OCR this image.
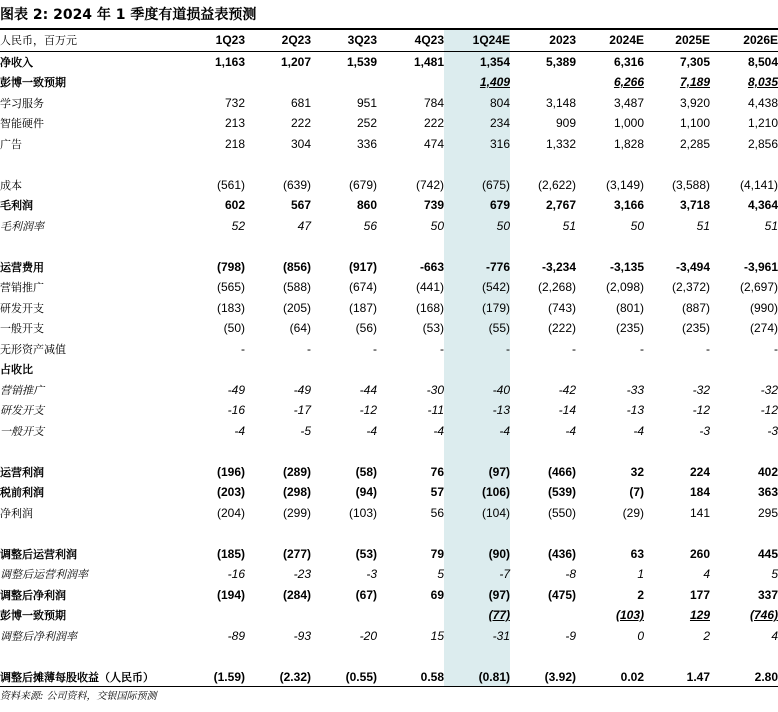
图表 2: 2024 年 1 季度有道损益表预测
人民币，百万元	1Q23	2Q23	3Q23	4Q23	1Q24E	2023	2024E	2025E	2026E
净收入	1,163	1,207	1,539	1,481	1,354	5,389	6,316	7,305	8,504
彭博一致预期					1,409		6,266	7,189	8,035
学习服务	732	681	951	784	804	3,148	3,487	3,920	4,438
智能硬件	213	222	252	222	234	909	1,000	1,100	1,210
广告	218	304	336	474	316	1,332	1,828	2,285	2,856

成本	(561)	(639)	(679)	(742)	(675)	(2,622)	(3,149)	(3,588)	(4,141)
毛利润	602	567	860	739	679	2,767	3,166	3,718	4,364
毛利润率	52	47	56	50	50	51	50	51	51

运营费用	(798)	(856)	(917)	-663	-776	-3,234	-3,135	-3,494	-3,961
营销推广	(565)	(588)	(674)	(441)	(542)	(2,268)	(2,098)	(2,372)	(2,697)
研发开支	(183)	(205)	(187)	(168)	(179)	(743)	(801)	(887)	(990)
一般开支	(50)	(64)	(56)	(53)	(55)	(222)	(235)	(235)	(274)
无形资产减值	-	-	-	-	-	-	-	-	-
占收比									
营销推广	-49	-49	-44	-30	-40	-42	-33	-32	-32
研发开支	-16	-17	-12	-11	-13	-14	-13	-12	-12
一般开支	-4	-5	-4	-4	-4	-4	-4	-3	-3

运营利润	(196)	(289)	(58)	76	(97)	(466)	32	224	402
税前利润	(203)	(298)	(94)	57	(106)	(539)	(7)	184	363
净利润	(204)	(299)	(103)	56	(104)	(550)	(29)	141	295

调整后运营利润	(185)	(277)	(53)	79	(90)	(436)	63	260	445
调整后运营利润率	-16	-23	-3	5	-7	-8	1	4	5
调整后净利润	(194)	(284)	(67)	69	(97)	(475)	2	177	337
彭博一致预期					(77)		(103)	129	(746)
调整后净利润率	-89	-93	-20	15	-31	-9	0	2	4

调整后摊薄每股收益（人民币）	(1.59)	(2.32)	(0.55)	0.58	(0.81)	(3.92)	0.02	1.47	2.80
资料来源: 公司资料，交银国际预测
